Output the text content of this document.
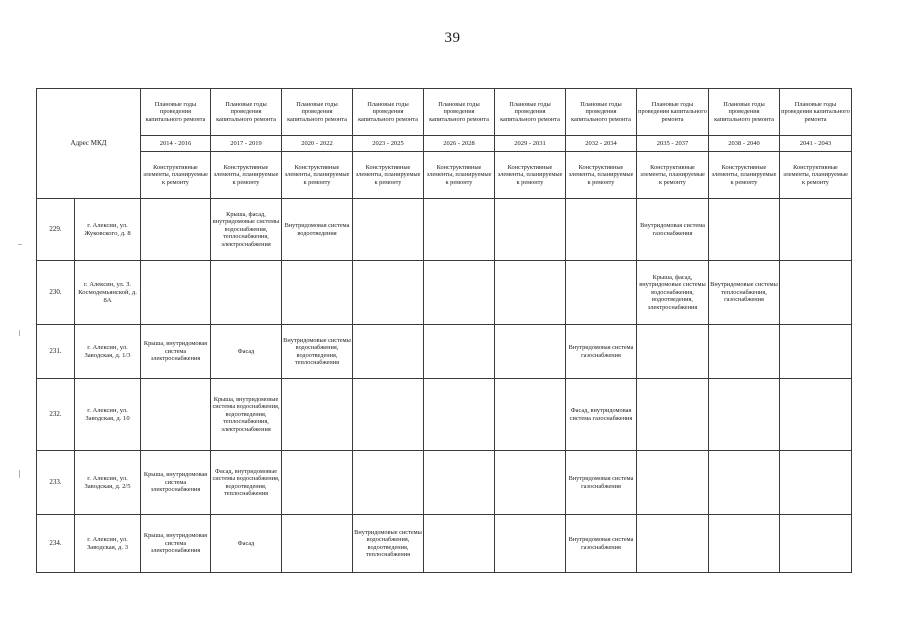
39
Адрес МКД		Плановые годы проведения капитального ремонта	Плановые годы проведения капитального ремонта	Плановые годы проведения капитального ремонта	Плановые годы проведения капитального ремонта	Плановые годы проведения капитального ремонта	Плановые годы проведения капитального ремонта	Плановые годы проведения капитального ремонта	Плановые годы проведения капитального ремонта	Плановые годы проведения капитального ремонта	Плановые годы проведения капитального ремонта
		2014 - 2016	2017 - 2019	2020 - 2022	2023 - 2025	2026 - 2028	2029 - 2031	2032 - 2034	2035 - 2037	2038 - 2040	2041 - 2043
		Конструктивные элементы, планируемые к ремонту	Конструктивные элементы, планируемые к ремонту	Конструктивные элементы, планируемые к ремонту	Конструктивные элементы, планируемые к ремонту	Конструктивные элементы, планируемые к ремонту	Конструктивные элементы, планируемые к ремонту	Конструктивные элементы, планируемые к ремонту	Конструктивные элементы, планируемые к ремонту	Конструктивные элементы, планируемые к ремонту	Конструктивные элементы, планируемые к ремонту
229.	г. Алексин, ул. Жуковского, д. 8		Крыша, фасад, внутридомовые системы водоснабжения, теплоснабжения, электроснабжения	Внутридомовая система водоотведения					Внутридомовая система газоснабжения		
230.	г. Алексин, ул. З. Космодемьянской, д. 8А								Крыша, фасад, внутридомовые системы водоснабжения, водоотведения, электроснабжения	Внутридомовые системы теплоснабжения, газоснабжения	
231.	г. Алексин, ул. Заводская, д. 1/3	Крыша, внутридомовая система электроснабжения	Фасад	Внутридомовые системы водоснабжения, водоотведения, теплоснабжения				Внутридомовая система газоснабжения			
232.	г. Алексин, ул. Заводская, д. 10		Крыша, внутридомовые системы водоснабжения, водоотведения, теплоснабжения, электроснабжения					Фасад, внутридомовая система газоснабжения			
233.	г. Алексин, ул. Заводская, д. 2/5	Крыша, внутридомовая система электроснабжения	Фасад, внутридомовые системы водоснабжения, водоотведения, теплоснабжения					Внутридомовая система газоснабжения			
234.	г. Алексин, ул. Заводская, д. 3	Крыша, внутридомовая система электроснабжения	Фасад		Внутридомовые системы водоснабжения, водоотведения, теплоснабжения			Внутридомовая система газоснабжения			
